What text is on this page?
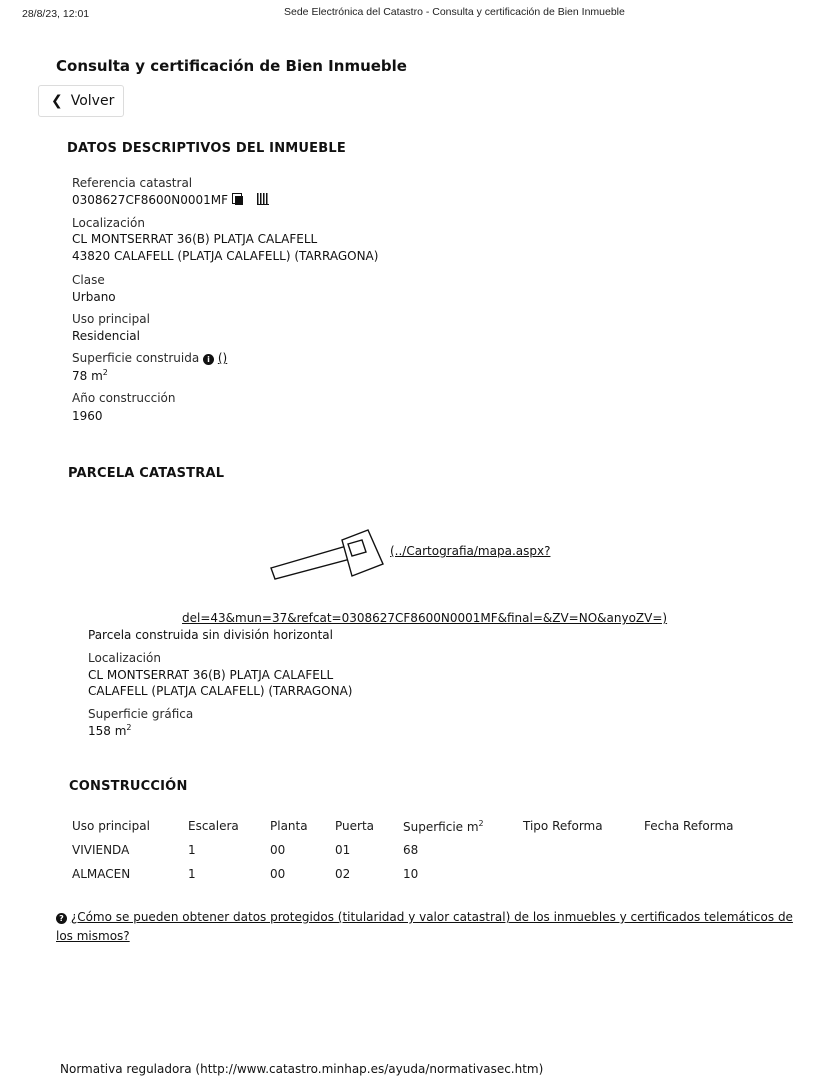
28/8/23, 12:01	Sede Electrónica del Catastro - Consulta y certificación de Bien Inmueble
Consulta y certificación de Bien Inmueble
❮ Volver
DATOS DESCRIPTIVOS DEL INMUEBLE
Referencia catastral
0308627CF8600N0001MF
Localización
CL MONTSERRAT 36(B) PLATJA CALAFELL
43820 CALAFELL (PLATJA CALAFELL) (TARRAGONA)
Clase
Urbano
Uso principal
Residencial
Superficie construida i ()
78 $m^2$
Año construcción
1960
PARCELA CATASTRAL
(../Cartografia/mapa.aspx?
del=43&mun=37&refcat=0308627CF8600N0001MF&final=&ZV=NO&anyoZV=)
Parcela construida sin división horizontal
Localización
CL MONTSERRAT 36(B) PLATJA CALAFELL
CALAFELL (PLATJA CALAFELL) (TARRAGONA)
Superficie gráfica
158 $m^2$
CONSTRUCCIÓN
Uso principal	Escalera	Planta	Puerta	Superficie $m^2$	Tipo Reforma	Fecha Reforma
VIVIENDA	1	00	01	68		
ALMACEN	1	00	02	10		
? ¿Cómo se pueden obtener datos protegidos (titularidad y valor catastral) de los inmuebles y certificados telemáticos de
los mismos?
Normativa reguladora (http://www.catastro.minhap.es/ayuda/normativasec.htm)
